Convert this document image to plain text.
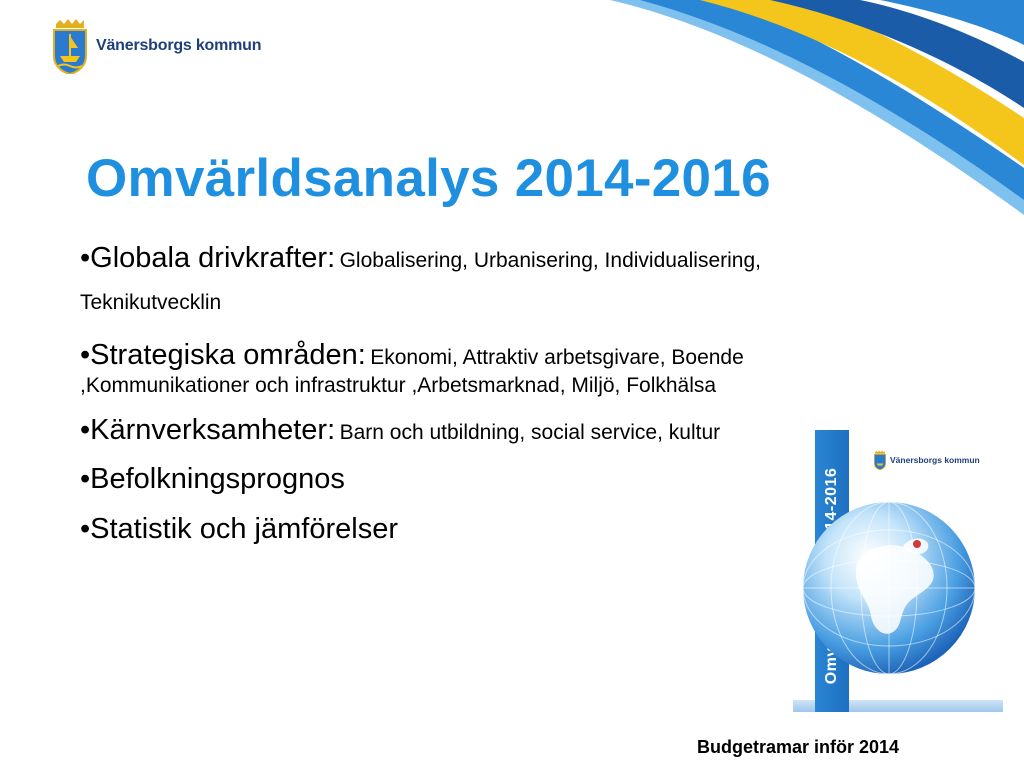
Vänersborgs kommun
Omvärldsanalys 2014-2016
•Globala drivkrafter: Globalisering, Urbanisering, Individualisering, Teknikutvecklin
•Strategiska områden: Ekonomi, Attraktiv arbetsgivare, Boende ,Kommunikationer och infrastruktur ,Arbetsmarknad, Miljö, Folkhälsa
•Kärnverksamheter: Barn och utbildning, social service, kultur
•Befolkningsprognos
•Statistik och jämförelser
Vänersborgs kommun
Budgetramar inför 2014
